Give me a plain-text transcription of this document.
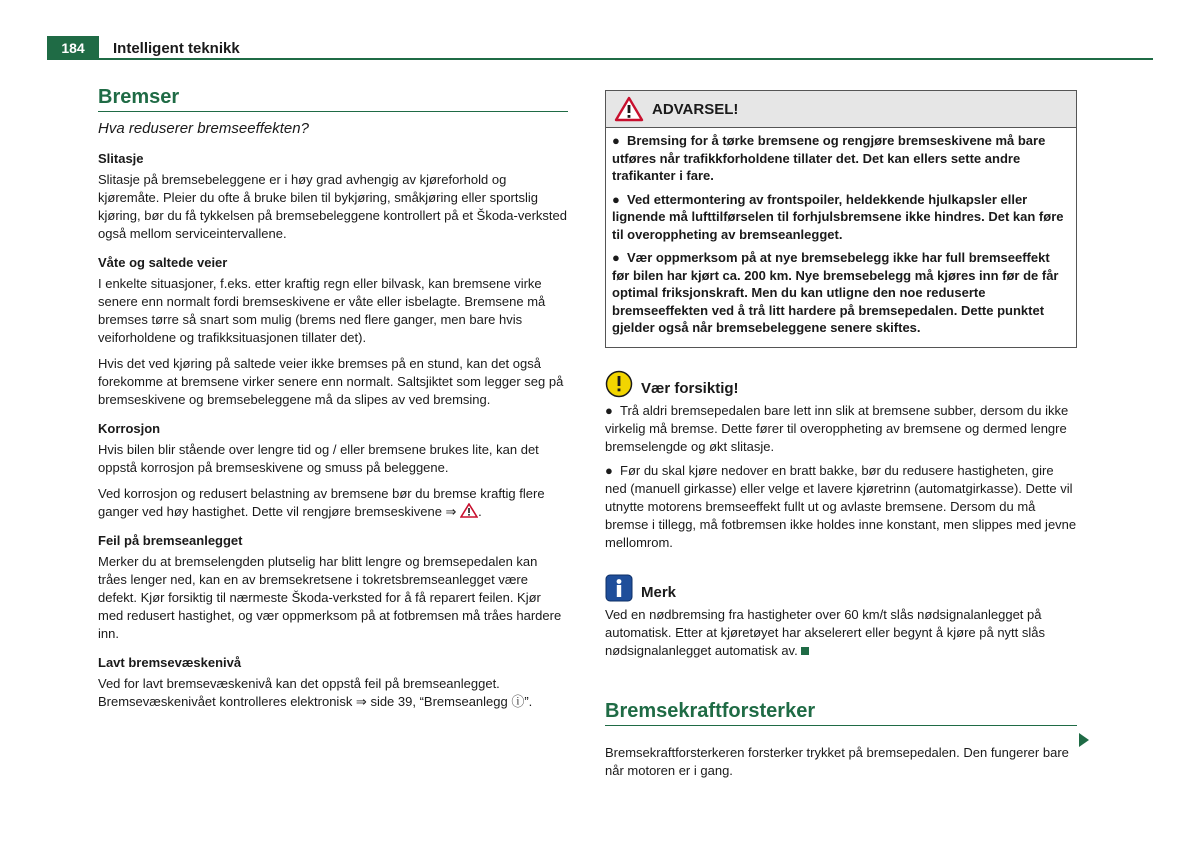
184	Intelligent teknikk
Bremser
Hva reduserer bremseeffekten?
Slitasje

Slitasje på bremsebeleggene er i høy grad avhengig av kjøreforhold og kjøremåte. Pleier du ofte å bruke bilen til bykjøring, småkjøring eller sportslig kjøring, bør du få tykkelsen på bremsebeleggene kontrollert på et Škoda-verksted også mellom serviceintervallene.

Våte og saltede veier

I enkelte situasjoner, f.eks. etter kraftig regn eller bilvask, kan bremsene virke senere enn normalt fordi bremseskivene er våte eller isbelagte. Bremsene må bremses tørre så snart som mulig (brems ned flere ganger, men bare hvis veiforholdene og trafikksituasjonen tillater det).

Hvis det ved kjøring på saltede veier ikke bremses på en stund, kan det også forekomme at bremsene virker senere enn normalt. Saltsjiktet som legger seg på bremseskivene og bremsebeleggene må da slipes av ved bremsing.

Korrosjon

Hvis bilen blir stående over lengre tid og / eller bremsene brukes lite, kan det oppstå korrosjon på bremseskivene og smuss på beleggene.

Ved korrosjon og redusert belastning av bremsene bør du bremse kraftig flere ganger ved høy hastighet. Dette vil rengjøre bremseskivene ⇒ .

Feil på bremseanlegget

Merker du at bremselengden plutselig har blitt lengre og bremsepedalen kan tråes lenger ned, kan en av bremsekretsene i tokretsbremseanlegget være defekt. Kjør forsiktig til nærmeste Škoda-verksted for å få reparert feilen. Kjør med redusert hastighet, og vær oppmerksom på at fotbremsen må tråes hardere inn.

Lavt bremsevæskenivå

Ved for lavt bremsevæskenivå kan det oppstå feil på bremseanlegget. Bremsevæskenivået kontrolleres elektronisk ⇒ side 39, “Bremseanlegg ⓘ”.

ADVARSEL!
● Bremsing for å tørke bremsene og rengjøre bremseskivene må bare utføres når trafikkforholdene tillater det. Det kan ellers sette andre trafikanter i fare.
● Ved ettermontering av frontspoiler, heldekkende hjulkapsler eller lignende må lufttilførselen til forhjulsbremsene ikke hindres. Det kan føre til overoppheting av bremseanlegget.
● Vær oppmerksom på at nye bremsebelegg ikke har full bremseeffekt før bilen har kjørt ca. 200 km. Nye bremsebelegg må kjøres inn før de får optimal friksjonskraft. Men du kan utligne den noe reduserte bremseeffekten ved å trå litt hardere på bremsepedalen. Dette punktet gjelder også når bremsebeleggene senere skiftes.
Vær forsiktig!
● Trå aldri bremsepedalen bare lett inn slik at bremsene subber, dersom du ikke virkelig må bremse. Dette fører til overoppheting av bremsene og dermed lengre bremselengde og økt slitasje.
● Før du skal kjøre nedover en bratt bakke, bør du redusere hastigheten, gire ned (manuell girkasse) eller velge et lavere kjøretrinn (automatgirkasse). Dette vil utnytte motorens bremseeffekt fullt ut og avlaste bremsene. Dersom du må bremse i tillegg, må fotbremsen ikke holdes inne konstant, men slippes med jevne mellomrom.
Merk

Ved en nødbremsing fra hastigheter over 60 km/t slås nødsignalanlegget på automatisk. Etter at kjøretøyet har akselerert eller begynt å kjøre på nytt slås nødsignalanlegget automatisk av.

Bremsekraftforsterker

Bremsekraftforsterkeren forsterker trykket på bremsepedalen. Den fungerer bare når motoren er i gang.
